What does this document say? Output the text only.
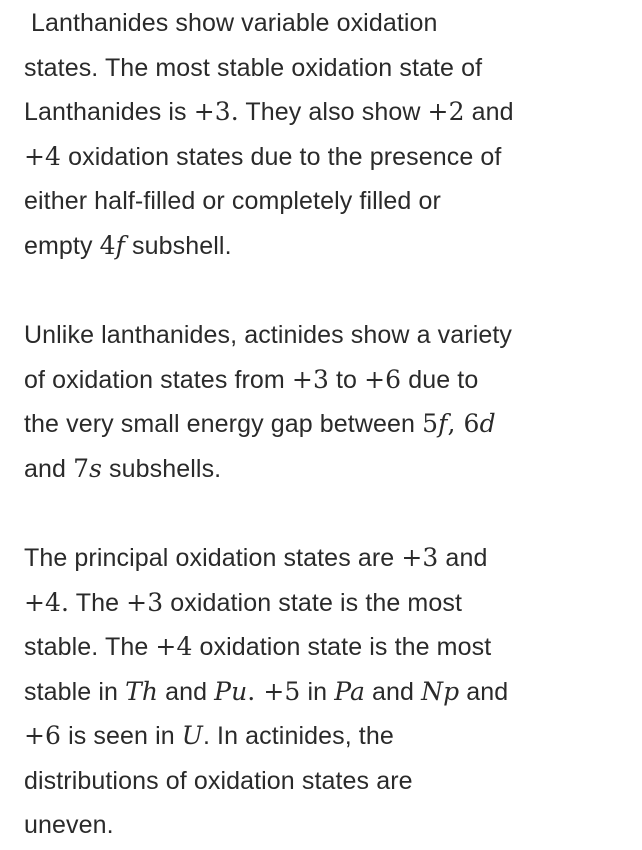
Lanthanides show variable oxidation
states. The most stable oxidation state of
Lanthanides is +3. They also show +2 and
+4 oxidation states due to the presence of
either half-filled or completely filled or
empty 4f subshell.
Unlike lanthanides, actinides show a variety
of oxidation states from +3 to +6 due to
the very small energy gap between 5f, 6d
and 7s subshells.
The principal oxidation states are +3 and
+4. The +3 oxidation state is the most
stable. The +4 oxidation state is the most
stable in Th and Pu. +5 in Pa and Np and
+6 is seen in U. In actinides, the
distributions of oxidation states are
uneven.
